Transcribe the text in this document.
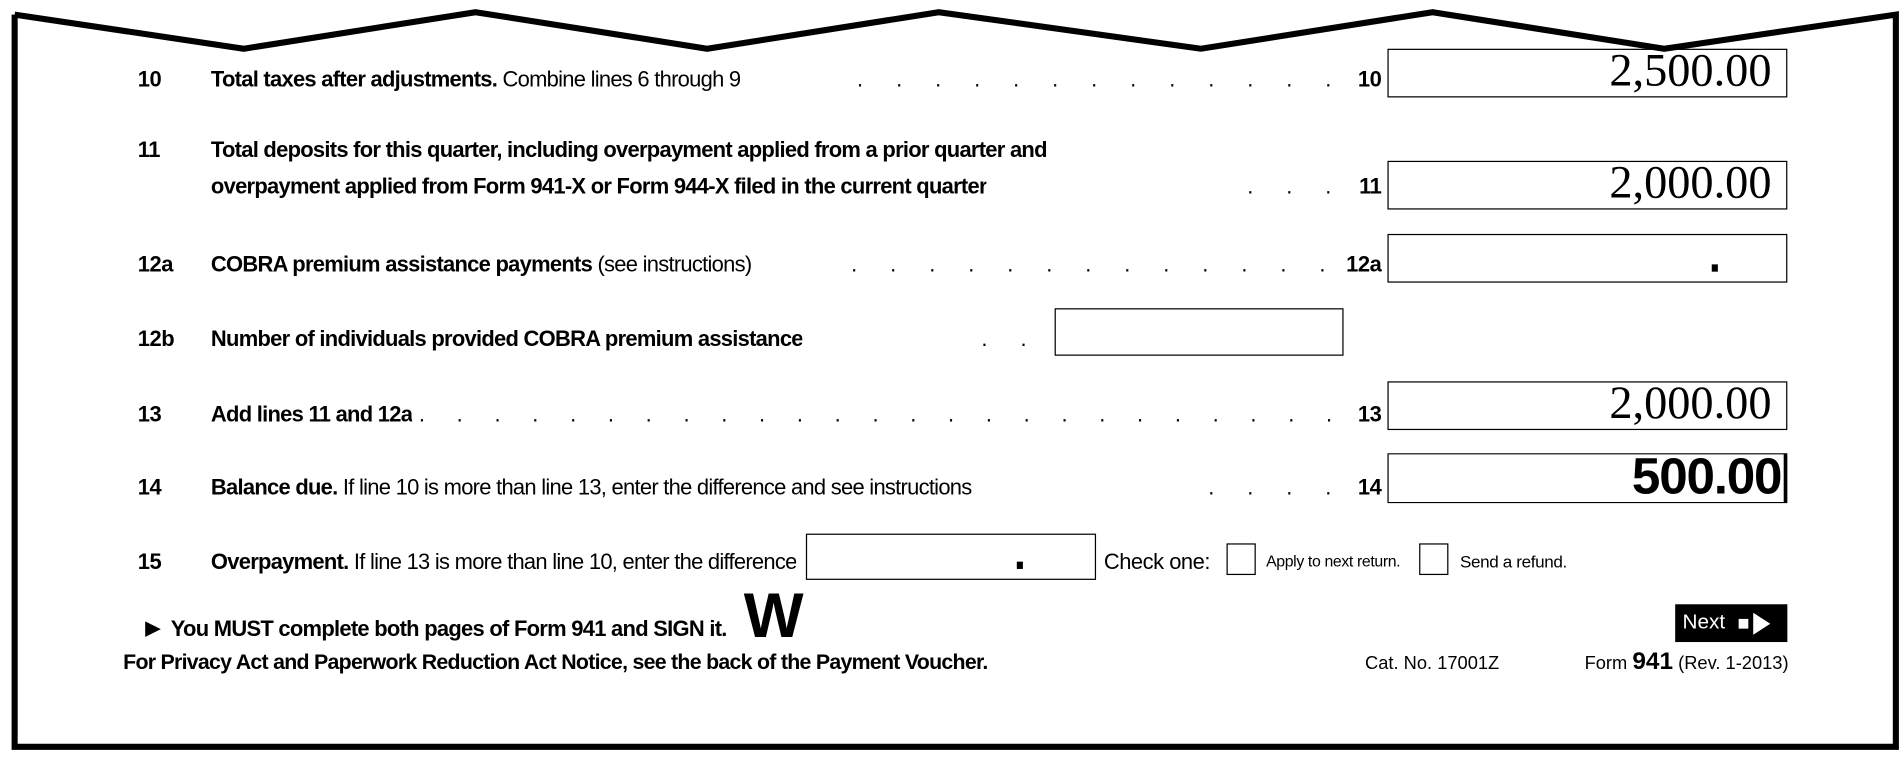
10	Total taxes after adjustments. Combine lines 6 through 9	. . . . . . . . . . . . . 10	2,500.00
11	Total deposits for this quarter, including overpayment applied from a prior quarter and
overpayment applied from Form 941-X or Form 944-X filed in the current quarter	. . . 11	2,000.00
12a	COBRA premium assistance payments (see instructions)	. . . . . . . . . . . . . 12a
12b	Number of individuals provided COBRA premium assistance	. .
13	Add lines 11 and 12a . . . . . . . . . . . . . . . . . . . . . . . . . 13	2,000.00
14	Balance due. If line 10 is more than line 13, enter the difference and see instructions	. . . . 14	500.00
15	Overpayment. If line 13 is more than line 10, enter the difference	Check one:	Apply to next return.	Send a refund.
▶ You MUST complete both pages of Form 941 and SIGN it. W	Next
For Privacy Act and Paperwork Reduction Act Notice, see the back of the Payment Voucher.	Cat. No. 17001Z	Form 941 (Rev. 1-2013)
